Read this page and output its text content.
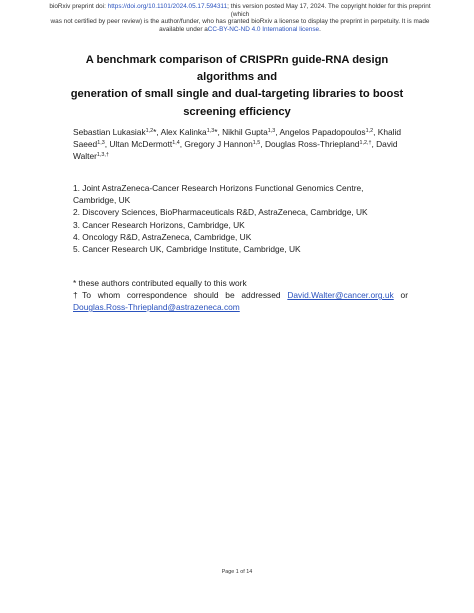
bioRxiv preprint doi: https://doi.org/10.1101/2024.05.17.594311; this version posted May 17, 2024. The copyright holder for this preprint (which
was not certified by peer review) is the author/funder, who has granted bioRxiv a license to display the preprint in perpetuity. It is made
available under aCC-BY-NC-ND 4.0 International license.
A benchmark comparison of CRISPRn guide-RNA design algorithms and
generation of small single and dual-targeting libraries to boost
screening efficiency
Sebastian Lukasiak$^{1,2}$*, Alex Kalinka$^{1,3}$*, Nikhil Gupta$^{1,3}$, Angelos Papadopoulos$^{1,2}$, Khalid Saeed$^{1,3}$, Ultan McDermott$^{1,4}$, Gregory J Hannon$^{1,5}$, Douglas Ross-Thriepland$^{1,2,\dagger}$, David Walter$^{1,3,\dagger}$

1. Joint AstraZeneca-Cancer Research Horizons Functional Genomics Centre, Cambridge, UK

2. Discovery Sciences, BioPharmaceuticals R&D, AstraZeneca, Cambridge, UK

3. Cancer Research Horizons, Cambridge, UK

4. Oncology R&D, AstraZeneca, Cambridge, UK

5. Cancer Research UK, Cambridge Institute, Cambridge, UK

* these authors contributed equally to this work
†To whom correspondence should be addressed David.Walter@cancer.org.uk or
Douglas.Ross-Thriepland@astrazeneca.com
Page 1 of 14
